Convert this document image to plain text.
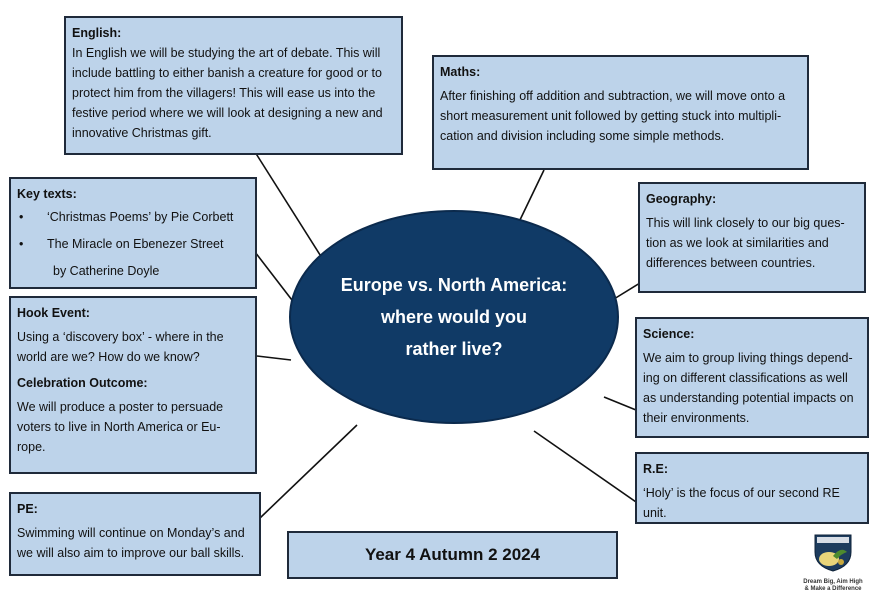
English:

In English we will be studying the art of debate. This will include battling to either banish a creature for good or to protect him from the villagers! This will ease us into the festive period where we will look at designing a new and innovative Christmas gift.

Maths:

After finishing off addition and subtraction, we will move onto a short measurement unit followed by getting stuck into multipli-cation and division including some simple methods.

Key texts:
• ‘Christmas Poems’ by Pie Corbett
• The Miracle on Ebenezer Street
by Catherine Doyle
Geography:

This will link closely to our big ques-tion as we look at similarities and differences between countries.

Hook Event:

Using a ‘discovery box’ - where in the world are we? How do we know?

Celebration Outcome:

We will produce a poster to persuade voters to live in North America or Eu-rope.

Science:

We aim to group living things depend-ing on different classifications as well as understanding potential impacts on their environments.

R.E:

‘Holy’ is the focus of our second RE unit.

PE:

Swimming will continue on Monday’s and we will also aim to improve our ball skills.

Europe vs. North America:
where would you
rather live?
Year 4 Autumn 2 2024
Dream Big, Aim High
& Make a Difference
